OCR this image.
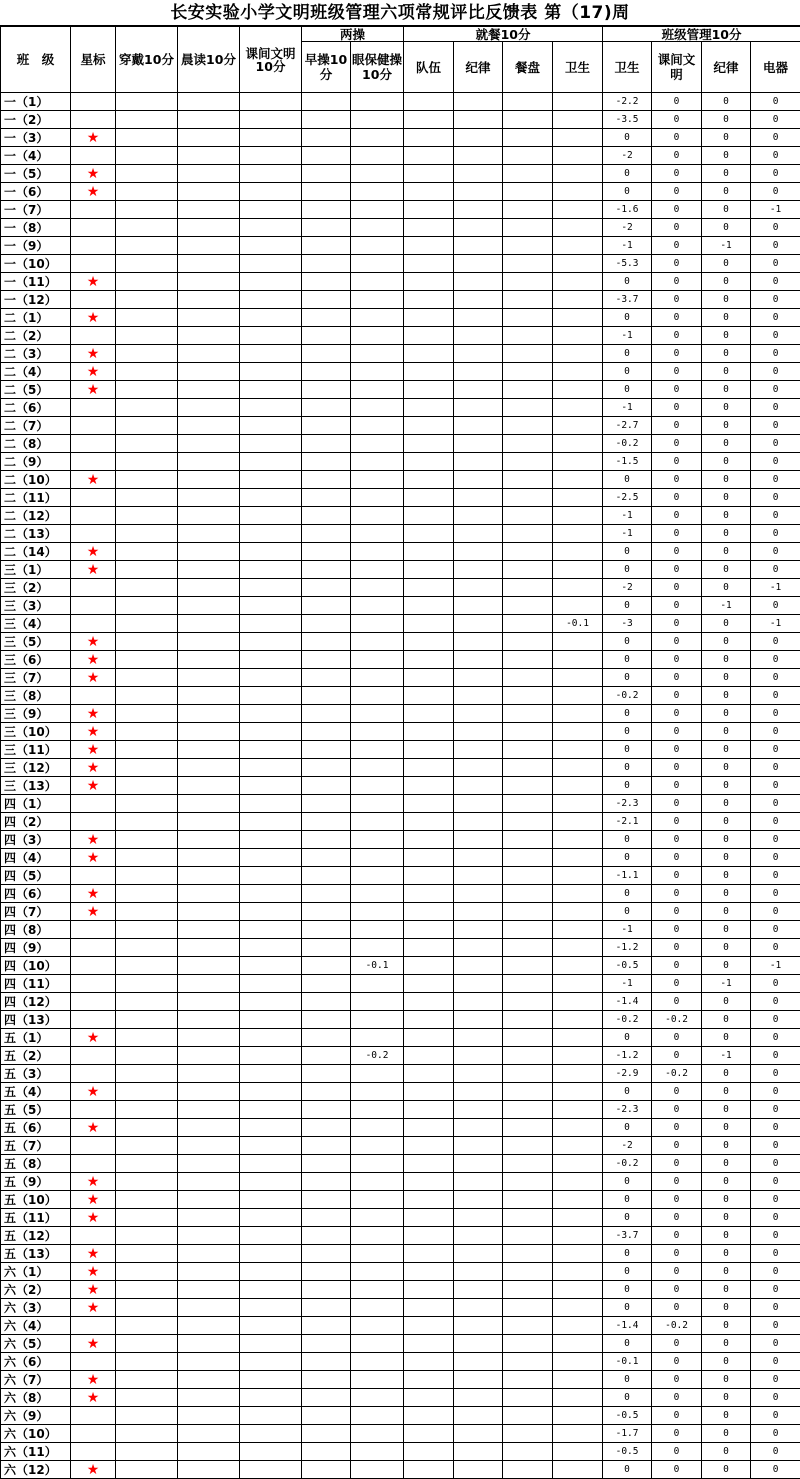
长安实验小学文明班级管理六项常规评比反馈表 第（17)周
班　级	星标	穿戴10分	晨读10分	课间文明10分	两操		就餐10分				班级管理10分			
					早操10分	眼保健操10分	队伍	纪律	餐盘	卫生	卫生	课间文明	纪律	电器
一（1）											-2.2	0	0	0
一（2）											-3.5	0	0	0
一（3）	★										0	0	0	0
一（4）											-2	0	0	0
一（5）	★										0	0	0	0
一（6）	★										0	0	0	0
一（7）											-1.6	0	0	-1
一（8）											-2	0	0	0
一（9）											-1	0	-1	0
一（10）											-5.3	0	0	0
一（11）	★										0	0	0	0
一（12）											-3.7	0	0	0
二（1）	★										0	0	0	0
二（2）											-1	0	0	0
二（3）	★										0	0	0	0
二（4）	★										0	0	0	0
二（5）	★										0	0	0	0
二（6）											-1	0	0	0
二（7）											-2.7	0	0	0
二（8）											-0.2	0	0	0
二（9）											-1.5	0	0	0
二（10）	★										0	0	0	0
二（11）											-2.5	0	0	0
二（12）											-1	0	0	0
二（13）											-1	0	0	0
二（14）	★										0	0	0	0
三（1）	★										0	0	0	0
三（2）											-2	0	0	-1
三（3）											0	0	-1	0
三（4）										-0.1	-3	0	0	-1
三（5）	★										0	0	0	0
三（6）	★										0	0	0	0
三（7）	★										0	0	0	0
三（8）											-0.2	0	0	0
三（9）	★										0	0	0	0
三（10）	★										0	0	0	0
三（11）	★										0	0	0	0
三（12）	★										0	0	0	0
三（13）	★										0	0	0	0
四（1）											-2.3	0	0	0
四（2）											-2.1	0	0	0
四（3）	★										0	0	0	0
四（4）	★										0	0	0	0
四（5）											-1.1	0	0	0
四（6）	★										0	0	0	0
四（7）	★										0	0	0	0
四（8）											-1	0	0	0
四（9）											-1.2	0	0	0
四（10）						-0.1					-0.5	0	0	-1
四（11）											-1	0	-1	0
四（12）											-1.4	0	0	0
四（13）											-0.2	-0.2	0	0
五（1）	★										0	0	0	0
五（2）						-0.2					-1.2	0	-1	0
五（3）											-2.9	-0.2	0	0
五（4）	★										0	0	0	0
五（5）											-2.3	0	0	0
五（6）	★										0	0	0	0
五（7）											-2	0	0	0
五（8）											-0.2	0	0	0
五（9）	★										0	0	0	0
五（10）	★										0	0	0	0
五（11）	★										0	0	0	0
五（12）											-3.7	0	0	0
五（13）	★										0	0	0	0
六（1）	★										0	0	0	0
六（2）	★										0	0	0	0
六（3）	★										0	0	0	0
六（4）											-1.4	-0.2	0	0
六（5）	★										0	0	0	0
六（6）											-0.1	0	0	0
六（7）	★										0	0	0	0
六（8）	★										0	0	0	0
六（9）											-0.5	0	0	0
六（10）											-1.7	0	0	0
六（11）											-0.5	0	0	0
六（12）	★										0	0	0	0
